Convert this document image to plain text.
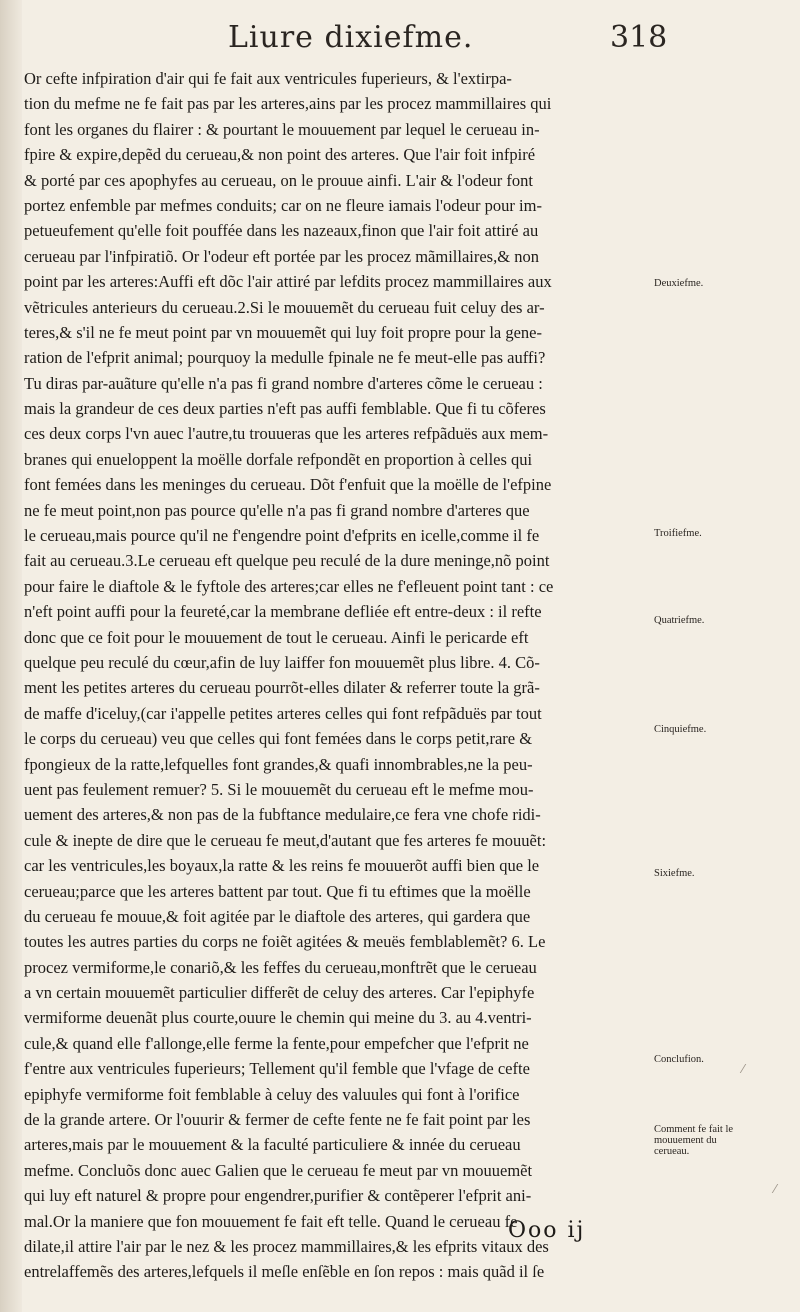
Liure dixiefme.	318
Or cefte infpiration d'air qui fe fait aux ventricules fuperieurs, & l'extirpa-
tion du mefme ne fe fait pas par les arteres,ains par les procez mammillaires qui
font les organes du flairer : & pourtant le mouuement par lequel le cerueau in-
fpire & expire,depẽd du cerueau,& non point des arteres. Que l'air foit infpiré
& porté par ces apophyfes au cerueau, on le prouue ainfi. L'air & l'odeur font
portez enfemble par mefmes conduits; car on ne fleure iamais l'odeur pour im-
petueufement qu'elle foit pouffée dans les nazeaux,finon que l'air foit attiré au
cerueau par l'infpiratiõ. Or l'odeur eft portée par les procez mãmillaires,& non
point par les arteres:Auffi eft dõc l'air attiré par lefdits procez mammillaires aux
vẽtricules anterieurs du cerueau.2.Si le mouuemẽt du cerueau fuit celuy des ar-
teres,& s'il ne fe meut point par vn mouuemẽt qui luy foit propre pour la gene-
ration de l'efprit animal; pourquoy la medulle fpinale ne fe meut-elle pas auffi?
Tu diras par-auãture qu'elle n'a pas fi grand nombre d'arteres cõme le cerueau :
mais la grandeur de ces deux parties n'eft pas auffi femblable. Que fi tu cõferes
ces deux corps l'vn auec l'autre,tu trouueras que les arteres refpãduës aux mem-
branes qui enueloppent la moëlle dorfale refpondẽt en proportion à celles qui
font femées dans les meninges du cerueau. Dõt f'enfuit que la moëlle de l'efpine
ne fe meut point,non pas pource qu'elle n'a pas fi grand nombre d'arteres que
le cerueau,mais pource qu'il ne f'engendre point d'efprits en icelle,comme il fe
fait au cerueau.3.Le cerueau eft quelque peu reculé de la dure meninge,nõ point
pour faire le diaftole & le fyftole des arteres;car elles ne f'efleuent point tant : ce
n'eft point auffi pour la feureté,car la membrane defliée eft entre-deux : il refte
donc que ce foit pour le mouuement de tout le cerueau. Ainfi le pericarde eft
quelque peu reculé du cœur,afin de luy laiffer fon mouuemẽt plus libre. 4. Cõ-
ment les petites arteres du cerueau pourrõt-elles dilater & referrer toute la grã-
de maffe d'iceluy,(car i'appelle petites arteres celles qui font refpãduës par tout
le corps du cerueau) veu que celles qui font femées dans le corps petit,rare &
fpongieux de la ratte,lefquelles font grandes,& quafi innombrables,ne la peu-
uent pas feulement remuer? 5. Si le mouuemẽt du cerueau eft le mefme mou-
uement des arteres,& non pas de la fubftance medulaire,ce fera vne chofe ridi-
cule & inepte de dire que le cerueau fe meut,d'autant que fes arteres fe mouuẽt:
car les ventricules,les boyaux,la ratte & les reins fe mouuerõt auffi bien que le
cerueau;parce que les arteres battent par tout. Que fi tu eftimes que la moëlle
du cerueau fe mouue,& foit agitée par le diaftole des arteres, qui gardera que
toutes les autres parties du corps ne foiẽt agitées & meuës femblablemẽt? 6. Le
procez vermiforme,le conariõ,& les feffes du cerueau,monftrẽt que le cerueau
a vn certain mouuemẽt particulier differẽt de celuy des arteres. Car l'epiphyfe
vermiforme deuenãt plus courte,ouure le chemin qui meine du 3. au 4.ventri-
cule,& quand elle f'allonge,elle ferme la fente,pour empefcher que l'efprit ne
f'entre aux ventricules fuperieurs; Tellement qu'il femble que l'vfage de cefte
epiphyfe vermiforme foit femblable à celuy des valuules qui font à l'orifice
de la grande artere. Or l'ouurir & fermer de cefte fente ne fe fait point par les
arteres,mais par le mouuement & la faculté particuliere & innée du cerueau
mefme. Concluõs donc auec Galien que le cerueau fe meut par vn mouuemẽt
qui luy eft naturel & propre pour engendrer,purifier & contẽperer l'efprit ani-
mal.Or la maniere que fon mouuement fe fait eft telle. Quand le cerueau fe
dilate,il attire l'air par le nez & les procez mammillaires,& les efprits vitaux des
entrelaffemẽs des arteres,lefquels il meſle enſẽble en ſon repos : mais quãd il ſe
Ooo ij
Deuxiefme.
Troifiefme.
Quatriefme.
Cinquiefme.
Sixiefme.
Conclufion.
Comment fe fait le mouuement du cerueau.
⁄
⁄
